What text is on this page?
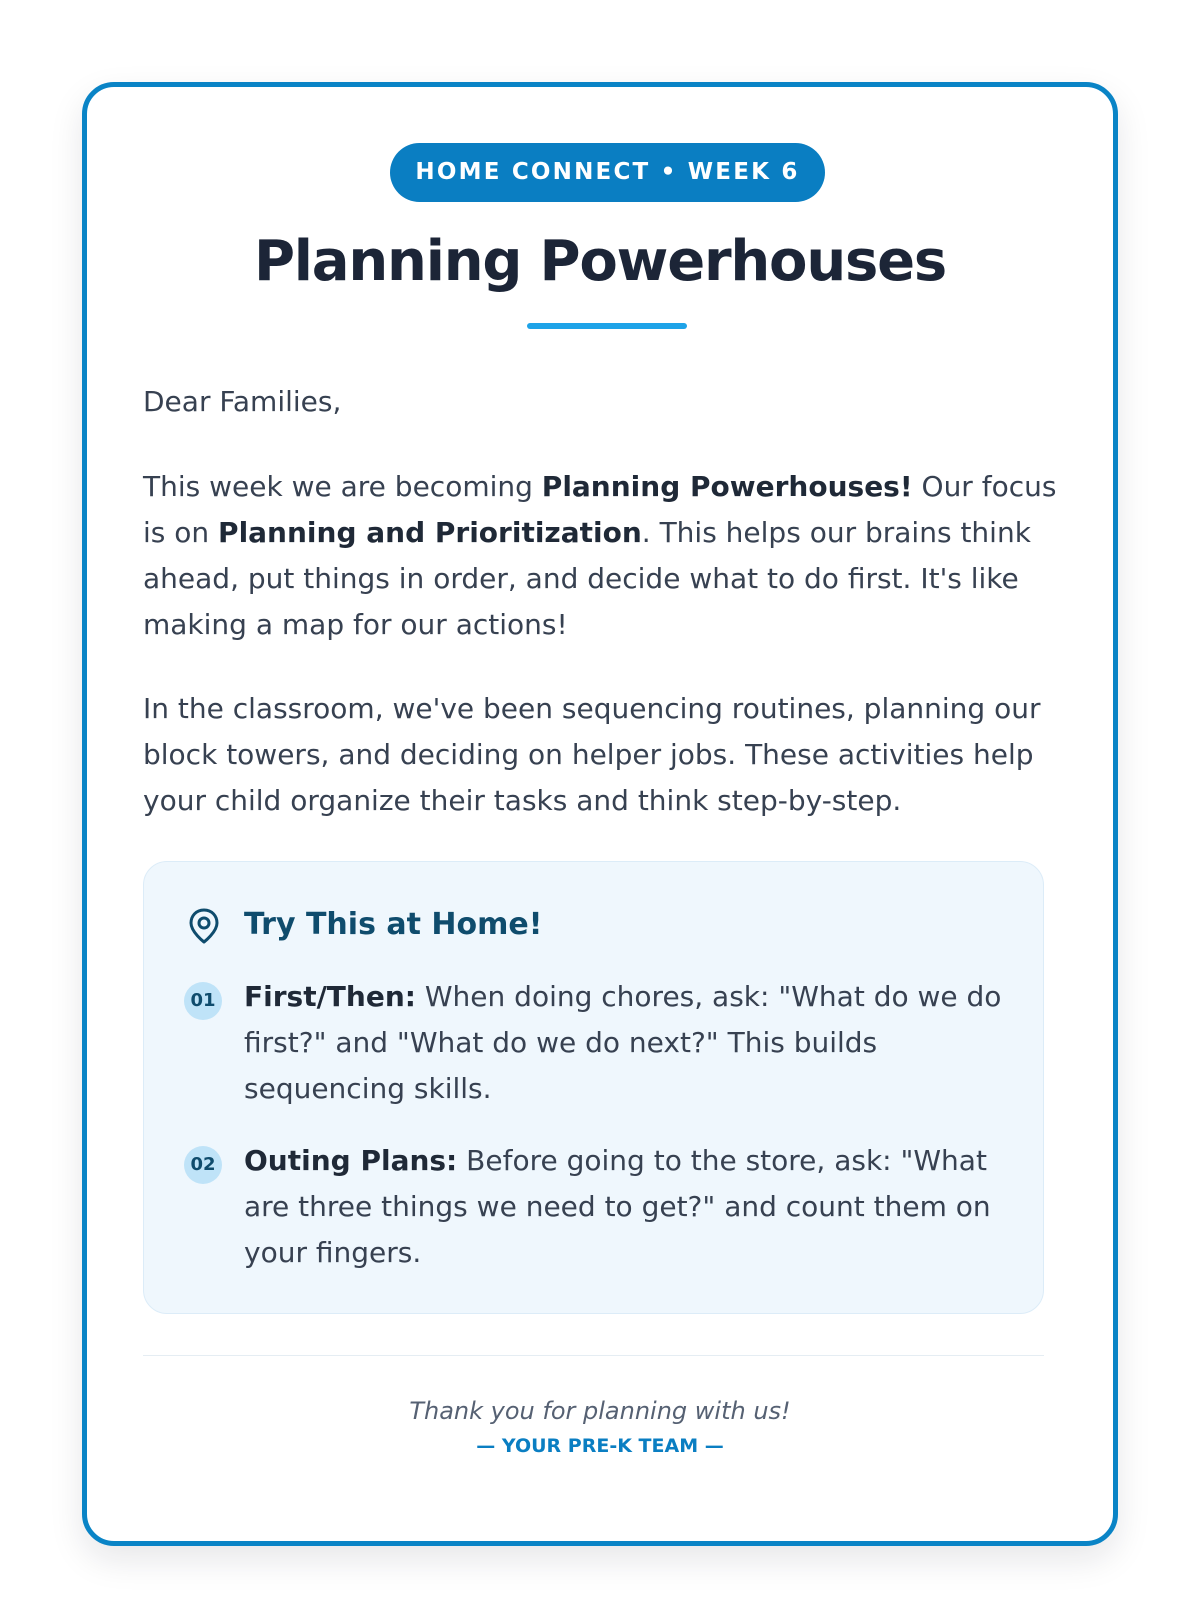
HOME CONNECT • WEEK 6
Planning Powerhouses

Dear Families,

This week we are becoming Planning Powerhouses! Our focus is on Planning and Prioritization. This helps our brains think ahead, put things in order, and decide what to do first. It's like making a map for our actions!

In the classroom, we've been sequencing routines, planning our block towers, and deciding on helper jobs. These activities help your child organize their tasks and think step-by-step.

Try This at Home!
01 First/Then: When doing chores, ask: "What do we do first?" and "What do we do next?" This builds sequencing skills.

02 Outing Plans: Before going to the store, ask: "What are three things we need to get?" and count them on your fingers.

Thank you for planning with us!

— YOUR PRE-K TEAM —
